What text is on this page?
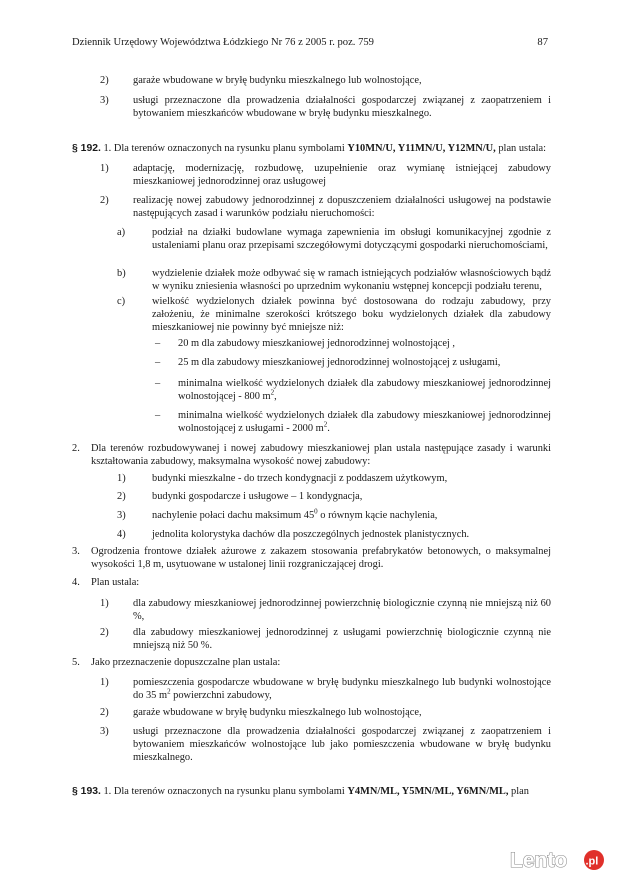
Dziennik Urzędowy Województwa Łódzkiego Nr 76 z 2005 r. poz. 759	87
2) garaże wbudowane w bryłę budynku mieszkalnego lub wolnostojące,
3) usługi przeznaczone dla prowadzenia działalności gospodarczej związanej z zaopatrzeniem i bytowaniem mieszkańców wbudowane w bryłę budynku mieszkalnego.
§ 192. 1. Dla terenów oznaczonych na rysunku planu symbolami Y10MN/U, Y11MN/U, Y12MN/U, plan ustala:
1) adaptację, modernizację, rozbudowę, uzupełnienie oraz wymianę istniejącej zabudowy mieszkaniowej jednorodzinnej oraz usługowej
2) realizację nowej zabudowy jednorodzinnej z dopuszczeniem działalności usługowej na podstawie następujących zasad i warunków podziału nieruchomości:
a)	podział na działki budowlane wymaga zapewnienia im obsługi komunikacyjnej zgodnie z ustaleniami planu oraz przepisami szczegółowymi dotyczącymi gospodarki nieruchomościami,
b)	wydzielenie działek może odbywać się w ramach istniejących podziałów własnościowych bądź w wyniku zniesienia własności po uprzednim wykonaniu wstępnej koncepcji podziału terenu,
c)	wielkość wydzielonych działek powinna być dostosowana do rodzaju zabudowy, przy założeniu, że minimalne szerokości krótszego boku wydzielonych działek dla zabudowy mieszkaniowej nie powinny być mniejsze niż:
– 20 m dla zabudowy mieszkaniowej jednorodzinnej wolnostojącej ,
– 25 m dla zabudowy mieszkaniowej jednorodzinnej wolnostojącej z usługami,
– minimalna wielkość wydzielonych działek dla zabudowy mieszkaniowej jednorodzinnej wolnostojącej - 800 $m^2$,
– minimalna wielkość wydzielonych działek dla zabudowy mieszkaniowej jednorodzinnej wolnostojącej z usługami - 2000 $m^2$.
2. Dla terenów rozbudowywanej i nowej zabudowy mieszkaniowej plan ustala następujące zasady i warunki kształtowania zabudowy, maksymalna wysokość nowej zabudowy:
1)	budynki mieszkalne - do trzech kondygnacji z poddaszem użytkowym,
2)	budynki gospodarcze i usługowe – 1 kondygnacja,
3)	nachylenie połaci dachu maksimum $45^0$ o równym kącie nachylenia,
4)	jednolita kolorystyka dachów dla poszczególnych jednostek planistycznych.
3. Ogrodzenia frontowe działek ażurowe z zakazem stosowania prefabrykatów betonowych, o maksymalnej wysokości 1,8 m, usytuowane w ustalonej linii rozgraniczającej drogi.
4. Plan ustala:
1) dla zabudowy mieszkaniowej jednorodzinnej powierzchnię biologicznie czynną nie mniejszą niż 60 %,
2) dla zabudowy mieszkaniowej jednorodzinnej z usługami powierzchnię biologicznie czynną nie mniejszą niż 50 %.
5. Jako przeznaczenie dopuszczalne plan ustala:
1) pomieszczenia gospodarcze wbudowane w bryłę budynku mieszkalnego lub budynki wolnostojące do 35 $m^2$ powierzchni zabudowy,
2) garaże wbudowane w bryłę budynku mieszkalnego lub wolnostojące,
3) usługi przeznaczone dla prowadzenia działalności gospodarczej związanej z zaopatrzeniem i bytowaniem mieszkańców wolnostojące lub jako pomieszczenia wbudowane w bryłę budynku mieszkalnego.
§ 193. 1. Dla terenów oznaczonych na rysunku planu symbolami Y4MN/ML, Y5MN/ML, Y6MN/ML, plan
Lento .pl
